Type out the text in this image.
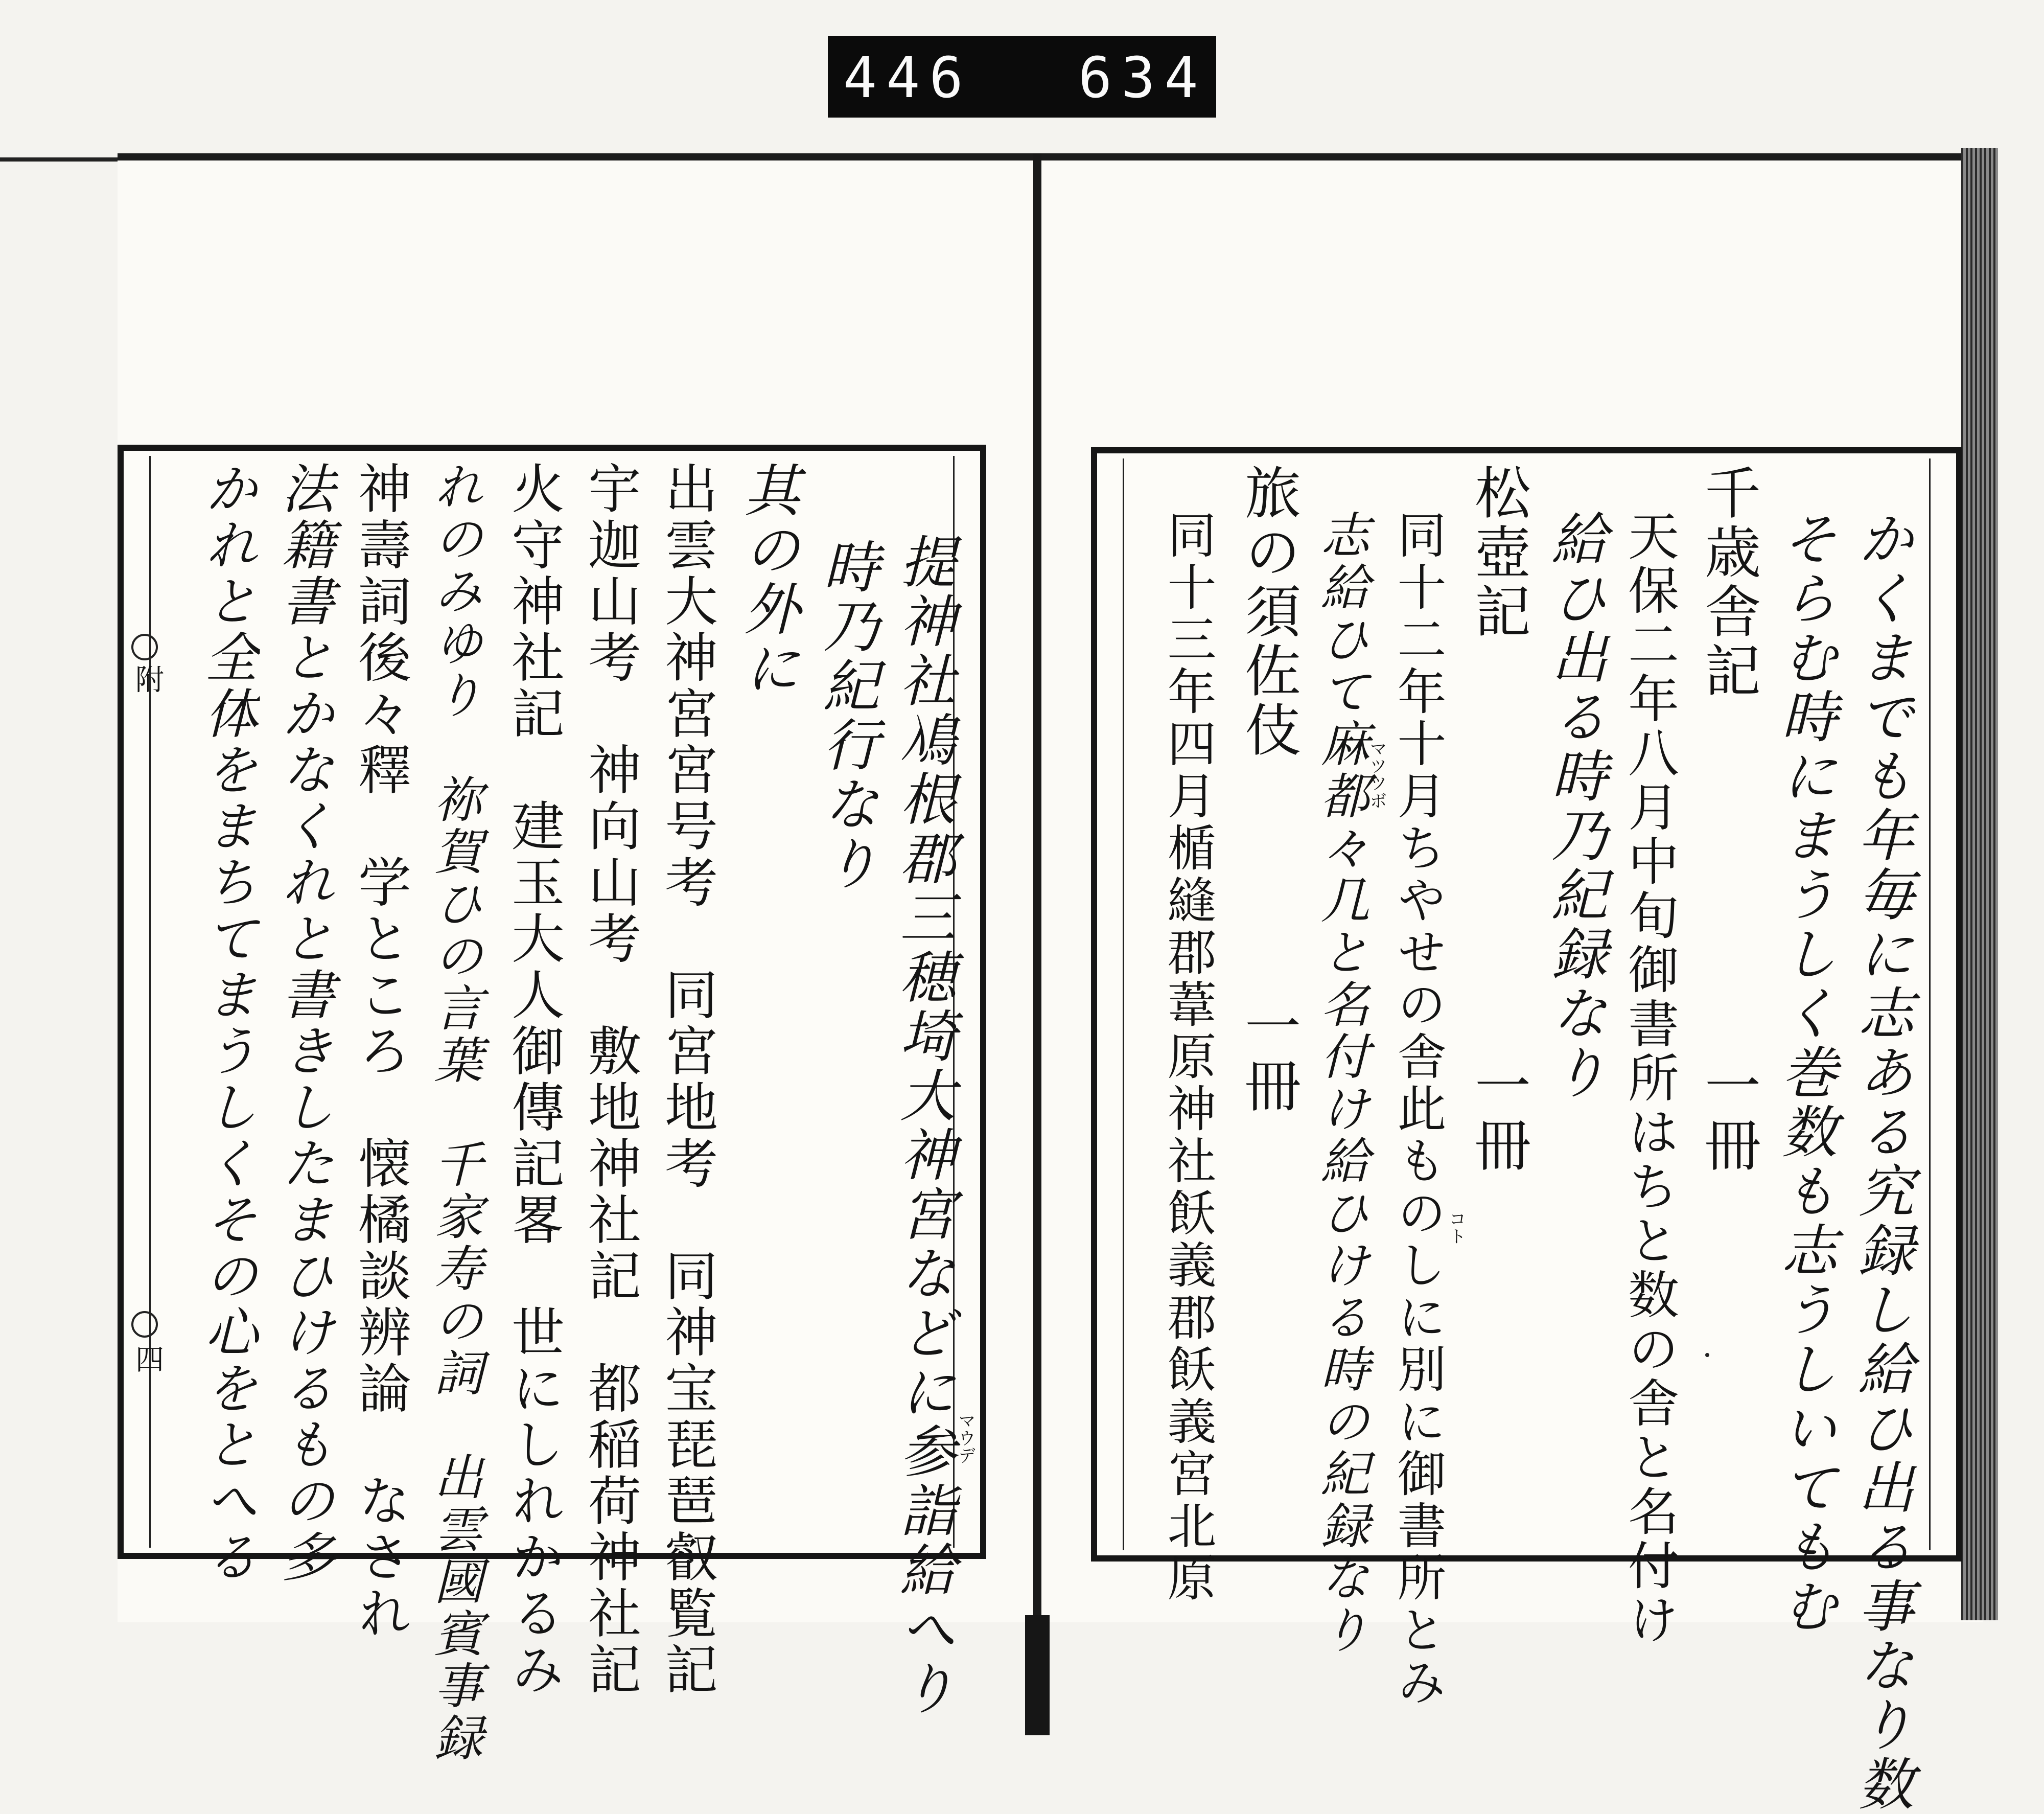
446 634
提神社鳰根郡三穂埼大神宮などに参詣給へり
時乃紀行なり
其の外に
出雲大神宮宮号考　同宮地考　同神宝琵琶叡覧記
宇迦山考　神向山考　敷地神社記　都稲荷神社記
火守神社記　建玉大人御傳記畧　世にしれかるみ
れのみゆり　祢賀ひの言葉　千家寿の詞　出雲國賓事録
神壽詞後々釋　学ところ　懐橘談辨論　なされ
法籍書とかなくれと書きしたまひけるもの多
かれと全体をまちてまうしくその心をとへる	マウデ
附
四	かくまでも年毎に志ある究録し給ひ出る事なり数
そらむ時にまうしく巻数も志うしいてもむ
千歳舎記　　　　　　一冊
天保二年八月中旬御書所はちと数の舎と名付け
給ひ出る時乃紀録なり
松壺記　　　　　　　一冊
同十二年十月ちやせの舎此ものしに別に御書所とみ
志給ひて麻都々几と名付け給ひける時の紀録なり
旅の須佐伎　　　　一冊
同十三年四月楯縫郡葦原神社飫義郡飫義宮北原	マツツボ
コト
